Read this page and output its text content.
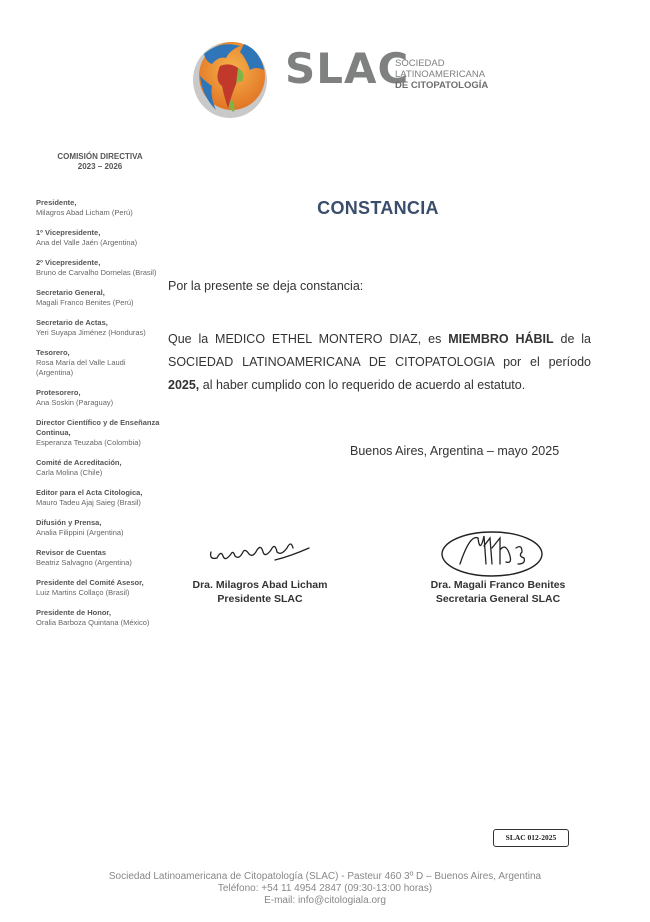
SLAC
SOCIEDAD
LATINOAMERICANA
DE CITOPATOLOGÍA
COMISIÓN DIRECTIVA
2023 – 2026
Presidente,
Milagros Abad Licham (Perú)
1º Vicepresidente,
Ana del Valle Jaén (Argentina)
2º Vicepresidente,
Bruno de Carvalho Dornelas (Brasil)
Secretario General,
Magali Franco Benites (Perú)
Secretario de Actas,
Yeri Suyapa Jiménez (Honduras)
Tesorero,
Rosa María del Valle Laudi (Argentina)
Protesorero,
Ana Soskin (Paraguay)
Director Científico y de Enseñanza Continua,
Esperanza Teuzaba (Colombia)
Comité de Acreditación,
Carla Molina (Chile)
Editor para el Acta Citologica,
Mauro Tadeu Ajaj Saieg (Brasil)
Difusión y Prensa,
Analia Filippini (Argentina)
Revisor de Cuentas
Beatriz Salvagno (Argentina)
Presidente del Comité Asesor,
Luiz Martins Collaço (Brasil)
Presidente de Honor,
Oralia Barboza Quintana (México)
CONSTANCIA
Por la presente se deja constancia:
Que la MEDICO ETHEL MONTERO DIAZ, es MIEMBRO HÁBIL de la SOCIEDAD LATINOAMERICANA DE CITOPATOLOGIA por el período 2025, al haber cumplido con lo requerido de acuerdo al estatuto.
Buenos Aires, Argentina – mayo 2025
Dra. Milagros Abad Licham
Presidente SLAC
Dra. Magali Franco Benites
Secretaria General SLAC
SLAC 012-2025
Sociedad Latinoamericana de Citopatología (SLAC) - Pasteur 460 3º D – Buenos Aires, Argentina
Teléfono: +54 11 4954 2847 (09:30-13:00 horas)
E-mail: info@citologiala.org
